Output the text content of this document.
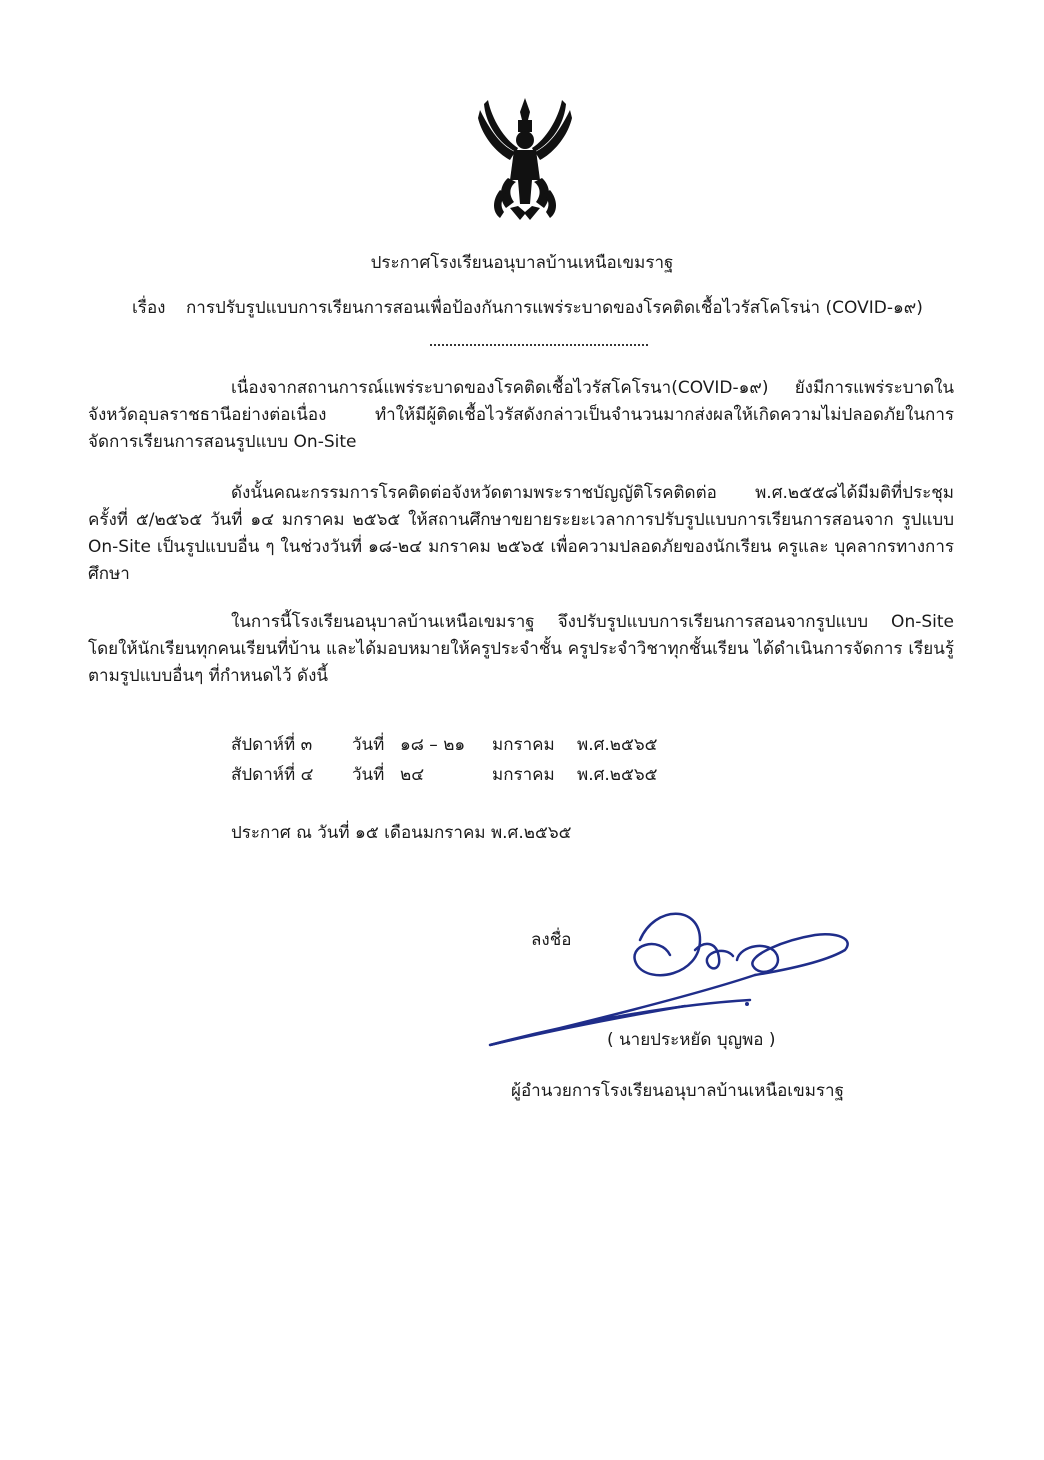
ประกาศโรงเรียนอนุบาลบ้านเหนือเขมราฐ
เรื่อง การปรับรูปแบบการเรียนการสอนเพื่อป้องกันการแพร่ระบาดของโรคติดเชื้อไวรัสโคโรน่า (COVID-๑๙)
เนื่องจากสถานการณ์แพร่ระบาดของโรคติดเชื้อไวรัสโคโรนา(COVID-๑๙) ยังมีการแพร่ระบาดใน จังหวัดอุบลราชธานีอย่างต่อเนื่อง ทำให้มีผู้ติดเชื้อไวรัสดังกล่าวเป็นจำนวนมากส่งผลให้เกิดความไม่ปลอดภัยในการ จัดการเรียนการสอนรูปแบบ On-Site
ดังนั้นคณะกรรมการโรคติดต่อจังหวัดตามพระราชบัญญัติโรคติดต่อ พ.ศ.๒๕๕๘ได้มีมติที่ประชุม ครั้งที่ ๕/๒๕๖๕ วันที่ ๑๔ มกราคม ๒๕๖๕ ให้สถานศึกษาขยายระยะเวลาการปรับรูปแบบการเรียนการสอนจาก รูปแบบ On-Site เป็นรูปแบบอื่น ๆ ในช่วงวันที่ ๑๘-๒๔ มกราคม ๒๕๖๕ เพื่อความปลอดภัยของนักเรียน ครูและ บุคลากรทางการศึกษา
ในการนี้โรงเรียนอนุบาลบ้านเหนือเขมราฐ จึงปรับรูปแบบการเรียนการสอนจากรูปแบบ On-Site โดยให้นักเรียนทุกคนเรียนที่บ้าน และได้มอบหมายให้ครูประจำชั้น ครูประจำวิชาทุกชั้นเรียน ได้ดำเนินการจัดการ เรียนรู้ตามรูปแบบอื่นๆ ที่กำหนดไว้ ดังนี้
สัปดาห์ที่ ๓ วันที่ ๑๘ – ๒๑ มกราคม พ.ศ.๒๕๖๕
สัปดาห์ที่ ๔ วันที่ ๒๔	มกราคม พ.ศ.๒๕๖๕
ประกาศ ณ วันที่ ๑๕ เดือนมกราคม พ.ศ.๒๕๖๕
ลงชื่อ
( นายประหยัด บุญพอ )
ผู้อำนวยการโรงเรียนอนุบาลบ้านเหนือเขมราฐ
